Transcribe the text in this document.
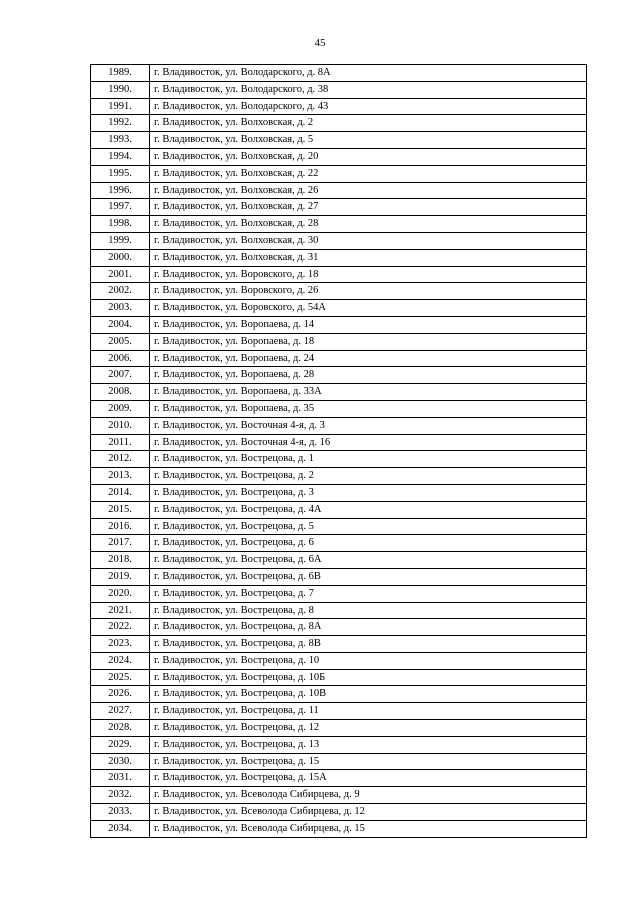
45
1989.	г. Владивосток, ул. Володарского, д. 8А
1990.	г. Владивосток, ул. Володарского, д. 38
1991.	г. Владивосток, ул. Володарского, д. 43
1992.	г. Владивосток, ул. Волховская, д. 2
1993.	г. Владивосток, ул. Волховская, д. 5
1994.	г. Владивосток, ул. Волховская, д. 20
1995.	г. Владивосток, ул. Волховская, д. 22
1996.	г. Владивосток, ул. Волховская, д. 26
1997.	г. Владивосток, ул. Волховская, д. 27
1998.	г. Владивосток, ул. Волховская, д. 28
1999.	г. Владивосток, ул. Волховская, д. 30
2000.	г. Владивосток, ул. Волховская, д. 31
2001.	г. Владивосток, ул. Воровского, д. 18
2002.	г. Владивосток, ул. Воровского, д. 26
2003.	г. Владивосток, ул. Воровского, д. 54А
2004.	г. Владивосток, ул. Воропаева, д. 14
2005.	г. Владивосток, ул. Воропаева, д. 18
2006.	г. Владивосток, ул. Воропаева, д. 24
2007.	г. Владивосток, ул. Воропаева, д. 28
2008.	г. Владивосток, ул. Воропаева, д. 33А
2009.	г. Владивосток, ул. Воропаева, д. 35
2010.	г. Владивосток, ул. Восточная 4-я, д. 3
2011.	г. Владивосток, ул. Восточная 4-я, д. 16
2012.	г. Владивосток, ул. Вострецова, д. 1
2013.	г. Владивосток, ул. Вострецова, д. 2
2014.	г. Владивосток, ул. Вострецова, д. 3
2015.	г. Владивосток, ул. Вострецова, д. 4А
2016.	г. Владивосток, ул. Вострецова, д. 5
2017.	г. Владивосток, ул. Вострецова, д. 6
2018.	г. Владивосток, ул. Вострецова, д. 6А
2019.	г. Владивосток, ул. Вострецова, д. 6В
2020.	г. Владивосток, ул. Вострецова, д. 7
2021.	г. Владивосток, ул. Вострецова, д. 8
2022.	г. Владивосток, ул. Вострецова, д. 8А
2023.	г. Владивосток, ул. Вострецова, д. 8В
2024.	г. Владивосток, ул. Вострецова, д. 10
2025.	г. Владивосток, ул. Вострецова, д. 10Б
2026.	г. Владивосток, ул. Вострецова, д. 10В
2027.	г. Владивосток, ул. Вострецова, д. 11
2028.	г. Владивосток, ул. Вострецова, д. 12
2029.	г. Владивосток, ул. Вострецова, д. 13
2030.	г. Владивосток, ул. Вострецова, д. 15
2031.	г. Владивосток, ул. Вострецова, д. 15А
2032.	г. Владивосток, ул. Всеволода Сибирцева, д. 9
2033.	г. Владивосток, ул. Всеволода Сибирцева, д. 12
2034.	г. Владивосток, ул. Всеволода Сибирцева, д. 15
